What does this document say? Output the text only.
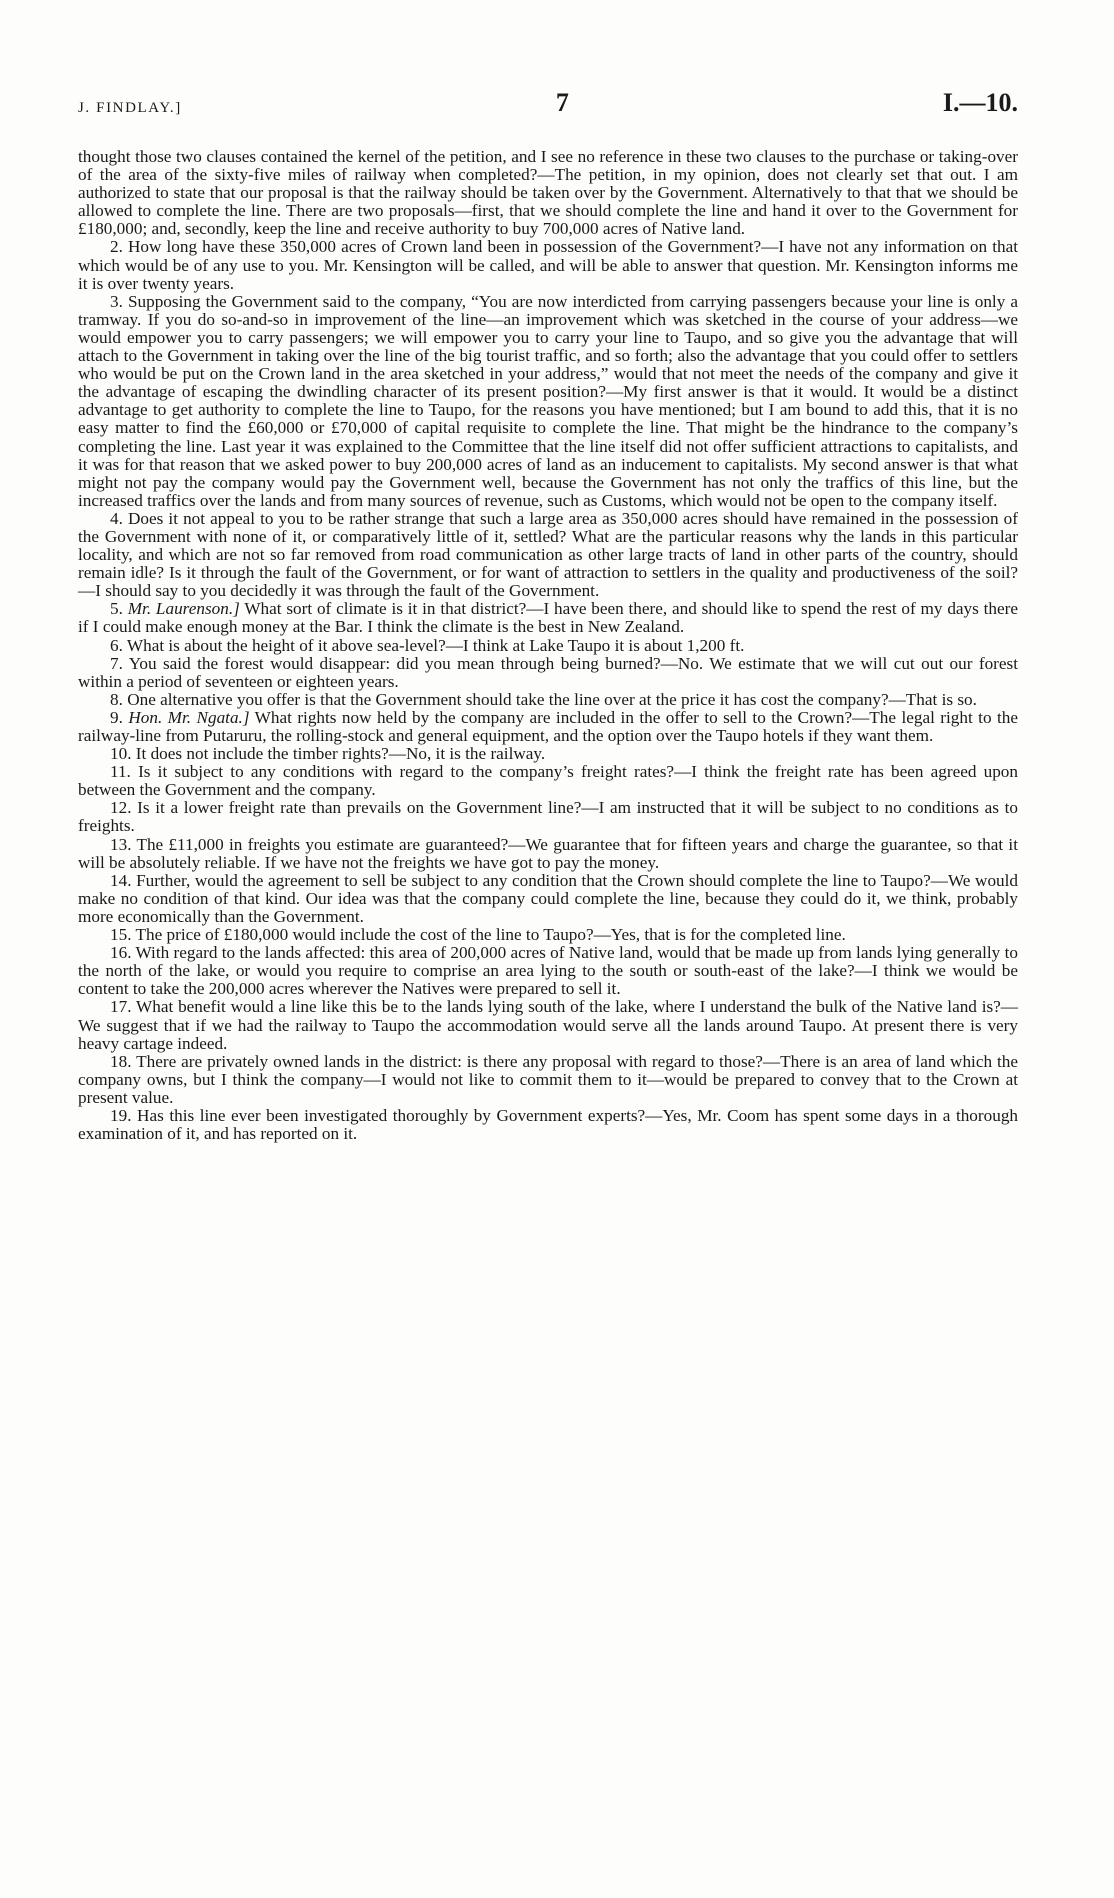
J. FINDLAY.]	7	I.—10.

thought those two clauses contained the kernel of the petition, and I see no reference in these two clauses to the purchase or taking-over of the area of the sixty-five miles of railway when completed?—The petition, in my opinion, does not clearly set that out. I am authorized to state that our proposal is that the railway should be taken over by the Government. Alternatively to that that we should be allowed to complete the line. There are two proposals—first, that we should complete the line and hand it over to the Government for £180,000; and, secondly, keep the line and receive authority to buy 700,000 acres of Native land.

2. How long have these 350,000 acres of Crown land been in possession of the Government?—I have not any information on that which would be of any use to you. Mr. Kensington will be called, and will be able to answer that question. Mr. Kensington informs me it is over twenty years.

3. Supposing the Government said to the company, “You are now interdicted from carrying passengers because your line is only a tramway. If you do so-and-so in improvement of the line—an improvement which was sketched in the course of your address—we would empower you to carry passengers; we will empower you to carry your line to Taupo, and so give you the advantage that will attach to the Government in taking over the line of the big tourist traffic, and so forth; also the advantage that you could offer to settlers who would be put on the Crown land in the area sketched in your address,” would that not meet the needs of the company and give it the advantage of escaping the dwindling character of its present position?—My first answer is that it would. It would be a distinct advantage to get authority to complete the line to Taupo, for the reasons you have mentioned; but I am bound to add this, that it is no easy matter to find the £60,000 or £70,000 of capital requisite to complete the line. That might be the hindrance to the company’s completing the line. Last year it was explained to the Committee that the line itself did not offer sufficient attractions to capitalists, and it was for that reason that we asked power to buy 200,000 acres of land as an inducement to capitalists. My second answer is that what might not pay the company would pay the Government well, because the Government has not only the traffics of this line, but the increased traffics over the lands and from many sources of revenue, such as Customs, which would not be open to the company itself.

4. Does it not appeal to you to be rather strange that such a large area as 350,000 acres should have remained in the possession of the Government with none of it, or comparatively little of it, settled? What are the particular reasons why the lands in this particular locality, and which are not so far removed from road communication as other large tracts of land in other parts of the country, should remain idle? Is it through the fault of the Government, or for want of attraction to settlers in the quality and productiveness of the soil?—I should say to you decidedly it was through the fault of the Government.

5. Mr. Laurenson.] What sort of climate is it in that district?—I have been there, and should like to spend the rest of my days there if I could make enough money at the Bar. I think the climate is the best in New Zealand.

6. What is about the height of it above sea-level?—I think at Lake Taupo it is about 1,200 ft.

7. You said the forest would disappear: did you mean through being burned?—No. We estimate that we will cut out our forest within a period of seventeen or eighteen years.

8. One alternative you offer is that the Government should take the line over at the price it has cost the company?—That is so.

9. Hon. Mr. Ngata.] What rights now held by the company are included in the offer to sell to the Crown?—The legal right to the railway-line from Putaruru, the rolling-stock and general equipment, and the option over the Taupo hotels if they want them.

10. It does not include the timber rights?—No, it is the railway.

11. Is it subject to any conditions with regard to the company’s freight rates?—I think the freight rate has been agreed upon between the Government and the company.

12. Is it a lower freight rate than prevails on the Government line?—I am instructed that it will be subject to no conditions as to freights.

13. The £11,000 in freights you estimate are guaranteed?—We guarantee that for fifteen years and charge the guarantee, so that it will be absolutely reliable. If we have not the freights we have got to pay the money.

14. Further, would the agreement to sell be subject to any condition that the Crown should complete the line to Taupo?—We would make no condition of that kind. Our idea was that the company could complete the line, because they could do it, we think, probably more economically than the Government.

15. The price of £180,000 would include the cost of the line to Taupo?—Yes, that is for the completed line.

16. With regard to the lands affected: this area of 200,000 acres of Native land, would that be made up from lands lying generally to the north of the lake, or would you require to comprise an area lying to the south or south-east of the lake?—I think we would be content to take the 200,000 acres wherever the Natives were prepared to sell it.

17. What benefit would a line like this be to the lands lying south of the lake, where I understand the bulk of the Native land is?—We suggest that if we had the railway to Taupo the accommodation would serve all the lands around Taupo. At present there is very heavy cartage indeed.

18. There are privately owned lands in the district: is there any proposal with regard to those?—There is an area of land which the company owns, but I think the company—I would not like to commit them to it—would be prepared to convey that to the Crown at present value.

19. Has this line ever been investigated thoroughly by Government experts?—Yes, Mr. Coom has spent some days in a thorough examination of it, and has reported on it.
